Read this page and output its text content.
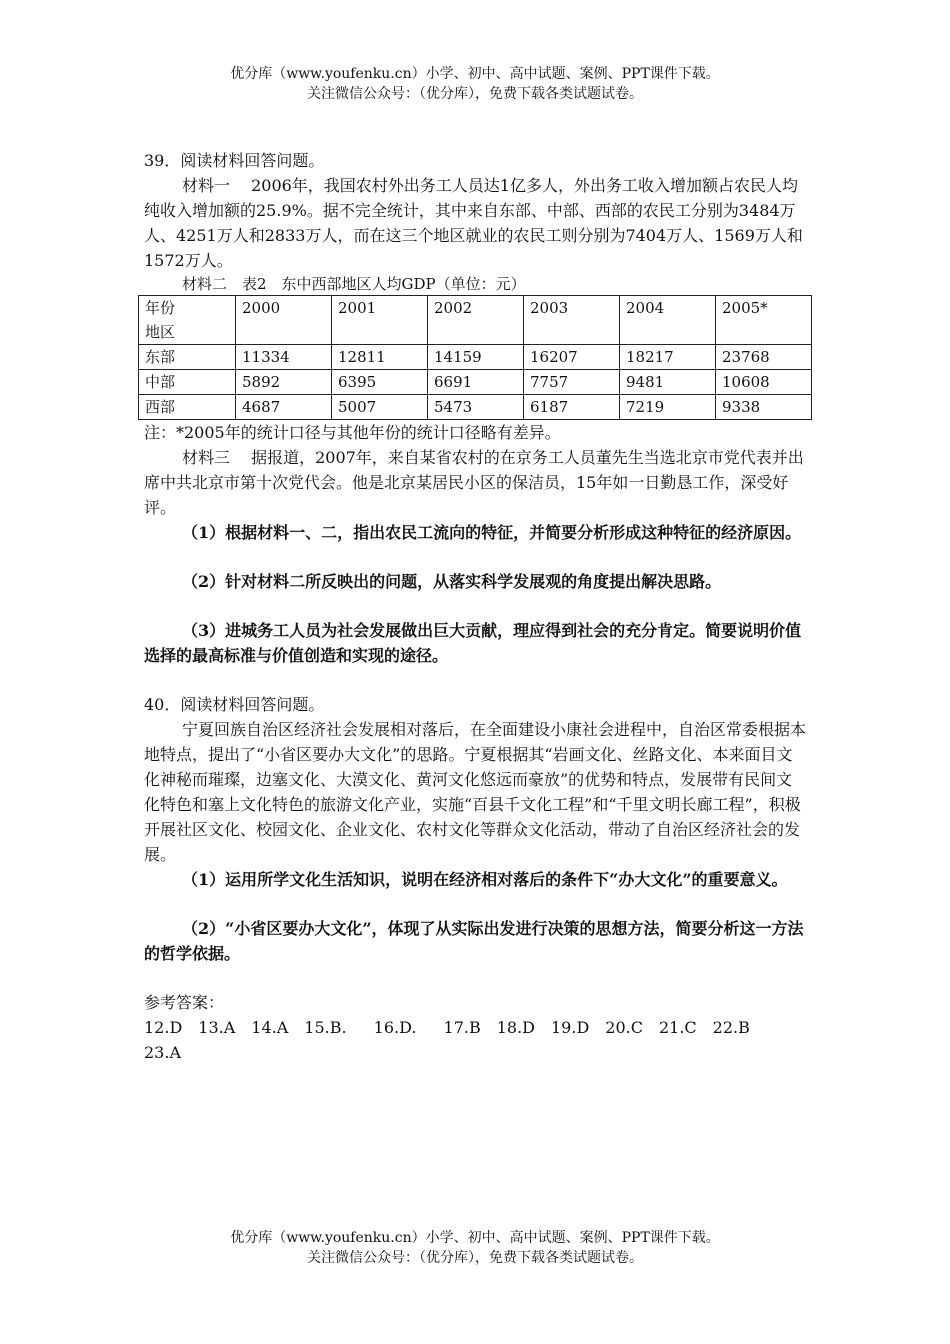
优分库（www.youfenku.cn）小学、初中、高中试题、案例、PPT课件下载。
关注微信公众号：（优分库），免费下载各类试题试卷。

39．阅读材料回答问题。

材料一　 2006年，我国农村外出务工人员达1亿多人，外出务工收入增加额占农民人均纯收入增加额的25.9%。据不完全统计，其中来自东部、中部、西部的农民工分别为3484万人、4251万人和2833万人，而在这三个地区就业的农民工则分别为7404万人、1569万人和1572万人。

材料二　表2　东中西部地区人均GDP（单位：元）

年份
地区	2000	2001	2002	2003	2004	2005*
东部	11334	12811	14159	16207	18217	23768
中部	5892	6395	6691	7757	9481	10608
西部	4687	5007	5473	6187	7219	9338

注：*2005年的统计口径与其他年份的统计口径略有差异。

材料三　 据报道，2007年，来自某省农村的在京务工人员董先生当选北京市党代表并出席中共北京市第十次党代会。他是北京某居民小区的保洁员，15年如一日勤恳工作，深受好评。

（1）根据材料一、二，指出农民工流向的特征，并简要分析形成这种特征的经济原因。

（2）针对材料二所反映出的问题，从落实科学发展观的角度提出解决思路。

（3）进城务工人员为社会发展做出巨大贡献，理应得到社会的充分肯定。简要说明价值选择的最高标准与价值创造和实现的途径。

40．阅读材料回答问题。

宁夏回族自治区经济社会发展相对落后，在全面建设小康社会进程中，自治区常委根据本地特点，提出了“小省区要办大文化”的思路。宁夏根据其“岩画文化、丝路文化、本来面目文化神秘而璀璨，边塞文化、大漠文化、黄河文化悠远而豪放”的优势和特点，发展带有民间文化特色和塞上文化特色的旅游文化产业，实施“百县千文化工程”和“千里文明长廊工程”，积极开展社区文化、校园文化、企业文化、农村文化等群众文化活动，带动了自治区经济社会的发展。

（1）运用所学文化生活知识，说明在经济相对落后的条件下“办大文化”的重要意义。

（2）“小省区要办大文化”，体现了从实际出发进行决策的思想方法，简要分析这一方法的哲学依据。

参考答案：

12.D　13.A　14.A　15.B.　 16.D.　 17.B　18.D　19.D　20.C　21.C　22.B

23.A

优分库（www.youfenku.cn）小学、初中、高中试题、案例、PPT课件下载。
关注微信公众号：（优分库），免费下载各类试题试卷。
